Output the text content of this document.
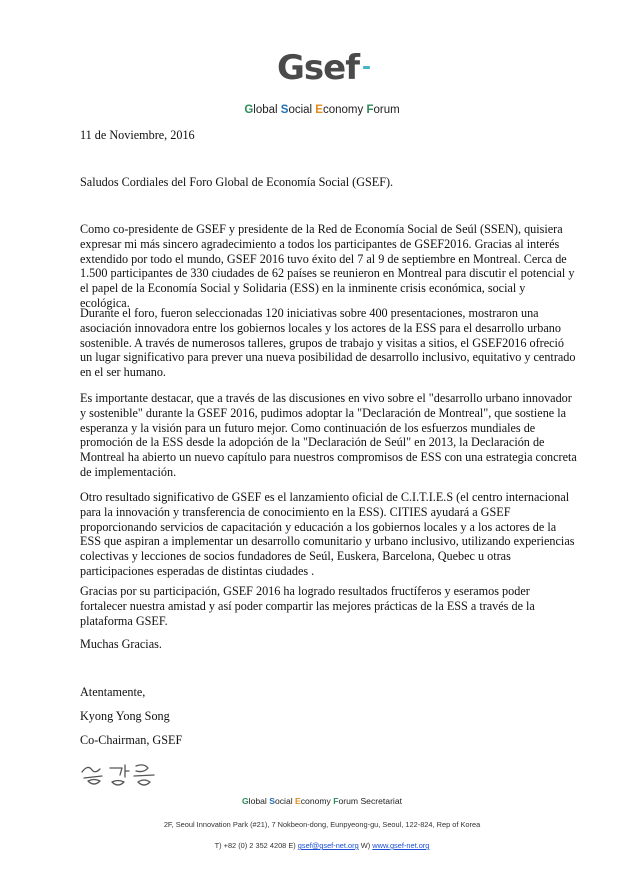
Gsef
Global Social Economy Forum

11 de Noviembre, 2016

Saludos Cordiales del Foro Global de Economía Social (GSEF).

Como co-presidente de GSEF y presidente de la Red de Economía Social de Seúl (SSEN), quisiera expresar mi más sincero agradecimiento a todos los participantes de GSEF2016. Gracias al interés extendido por todo el mundo, GSEF 2016 tuvo éxito del 7 al 9 de septiembre en Montreal. Cerca de 1.500 participantes de 330 ciudades de 62 países se reunieron en Montreal para discutir el potencial y el papel de la Economía Social y Solidaria (ESS) en la inminente crisis económica, social y ecológica.

Durante el foro, fueron seleccionadas 120 iniciativas sobre 400 presentaciones, mostraron una asociación innovadora entre los gobiernos locales y los actores de la ESS para el desarrollo urbano sostenible. A través de numerosos talleres, grupos de trabajo y visitas a sitios, el GSEF2016 ofreció un lugar significativo para prever una nueva posibilidad de desarrollo inclusivo, equitativo y centrado en el ser humano.

Es importante destacar, que a través de las discusiones en vivo sobre el "desarrollo urbano innovador y sostenible" durante la GSEF 2016, pudimos adoptar la "Declaración de Montreal", que sostiene la esperanza y la visión para un futuro mejor. Como continuación de los esfuerzos mundiales de promoción de la ESS desde la adopción de la "Declaración de Seúl" en 2013, la Declaración de Montreal ha abierto un nuevo capítulo para nuestros compromisos de ESS con una estrategia concreta de implementación.

Otro resultado significativo de GSEF es el lanzamiento oficial de C.I.T.I.E.S (el centro internacional para la innovación y transferencia de conocimiento en la ESS). CITIES ayudará a GSEF proporcionando servicios de capacitación y educación a los gobiernos locales y a los actores de la ESS que aspiran a implementar un desarrollo comunitario y urbano inclusivo, utilizando experiencias colectivas y lecciones de socios fundadores de Seúl, Euskera, Barcelona, Quebec u otras participaciones esperadas de distintas ciudades .

Gracias por su participación, GSEF 2016 ha logrado resultados fructíferos y eseramos poder fortalecer nuestra amistad y así poder compartir las mejores prácticas de la ESS a través de la plataforma GSEF.

Muchas Gracias.

Atentamente,

Kyong Yong Song

Co-Chairman, GSEF

Global Social Economy Forum Secretariat
2F, Seoul Innovation Park (#21), 7 Nokbeon-dong, Eunpyeong-gu, Seoul, 122-824, Rep of Korea
T) +82 (0) 2 352 4208 E) gsef@gsef-net.org W) www.gsef-net.org
